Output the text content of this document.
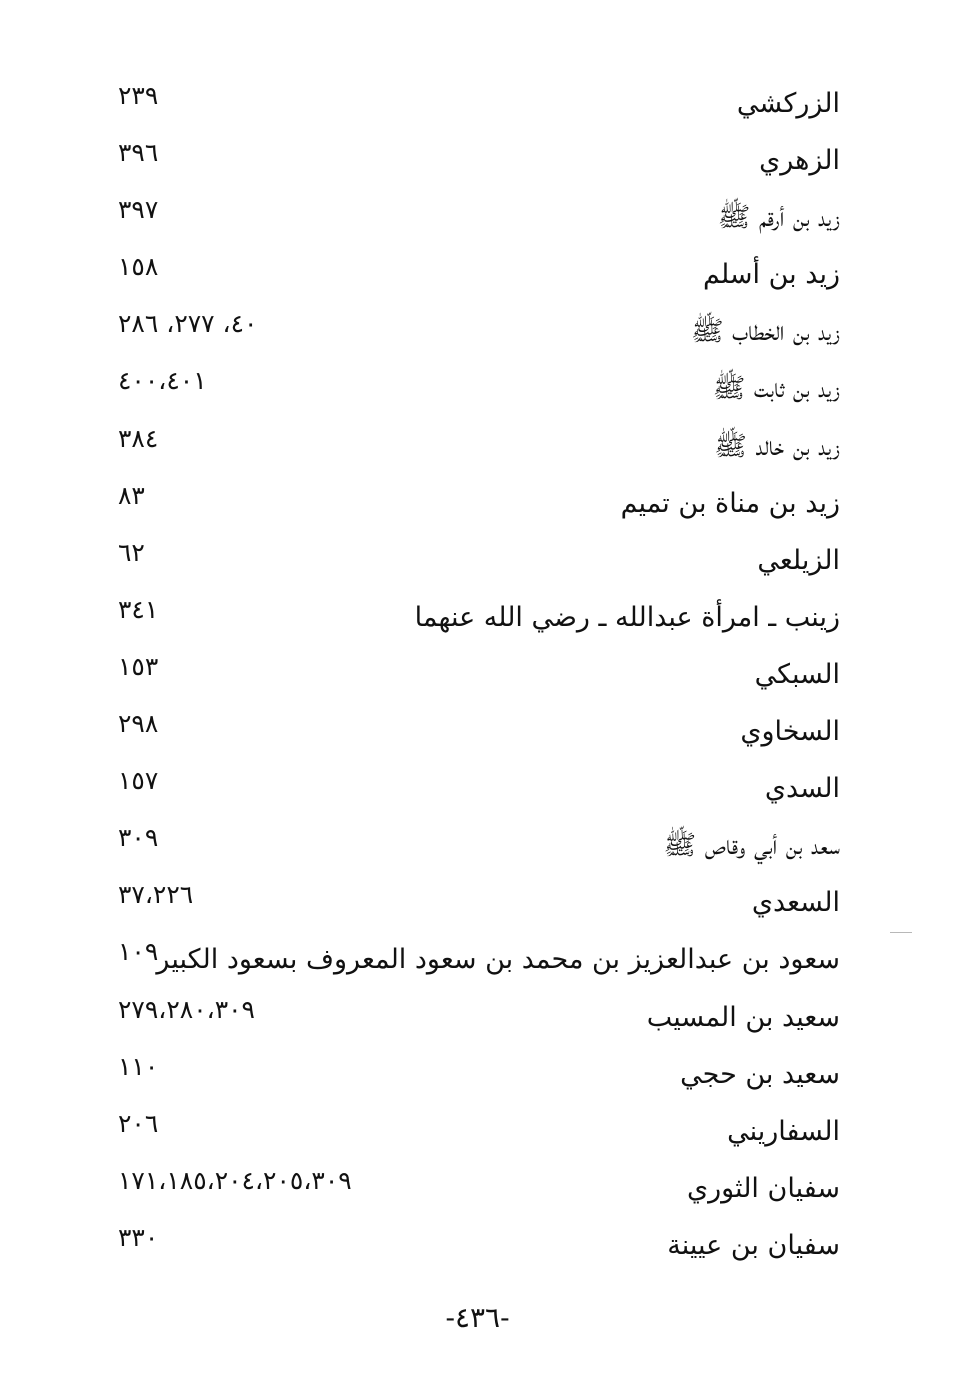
الزركشي
٢٣٩
الزهري
٣٩٦
زيد بن أرقم ﷺ
٣٩٧
زيد بن أسلم
١٥٨
زيد بن الخطاب ﷺ
٤٠، ٢٧٧، ٢٨٦
زيد بن ثابت ﷺ
٤٠٠،٤٠١
زيد بن خالد ﷺ
٣٨٤
زيد بن مناة بن تميم
٨٣
الزيلعي
٦٢
زينب ـ امرأة عبدالله ـ رضي الله عنهما
٣٤١
السبكي
١٥٣
السخاوي
٢٩٨
السدي
١٥٧
سعد بن أبي وقاص ﷺ
٣٠٩
السعدي
٣٧،٢٢٦
سعود بن عبدالعزيز بن محمد بن سعود المعروف بسعود الكبير
١٠٩
سعيد بن المسيب
٢٧٩،٢٨٠،٣٠٩
سعيد بن حجي
١١٠
السفاريني
٢٠٦
سفيان الثوري
١٧١،١٨٥،٢٠٤،٢٠٥،٣٠٩
سفيان بن عيينة
٣٣٠
-٤٣٦-
